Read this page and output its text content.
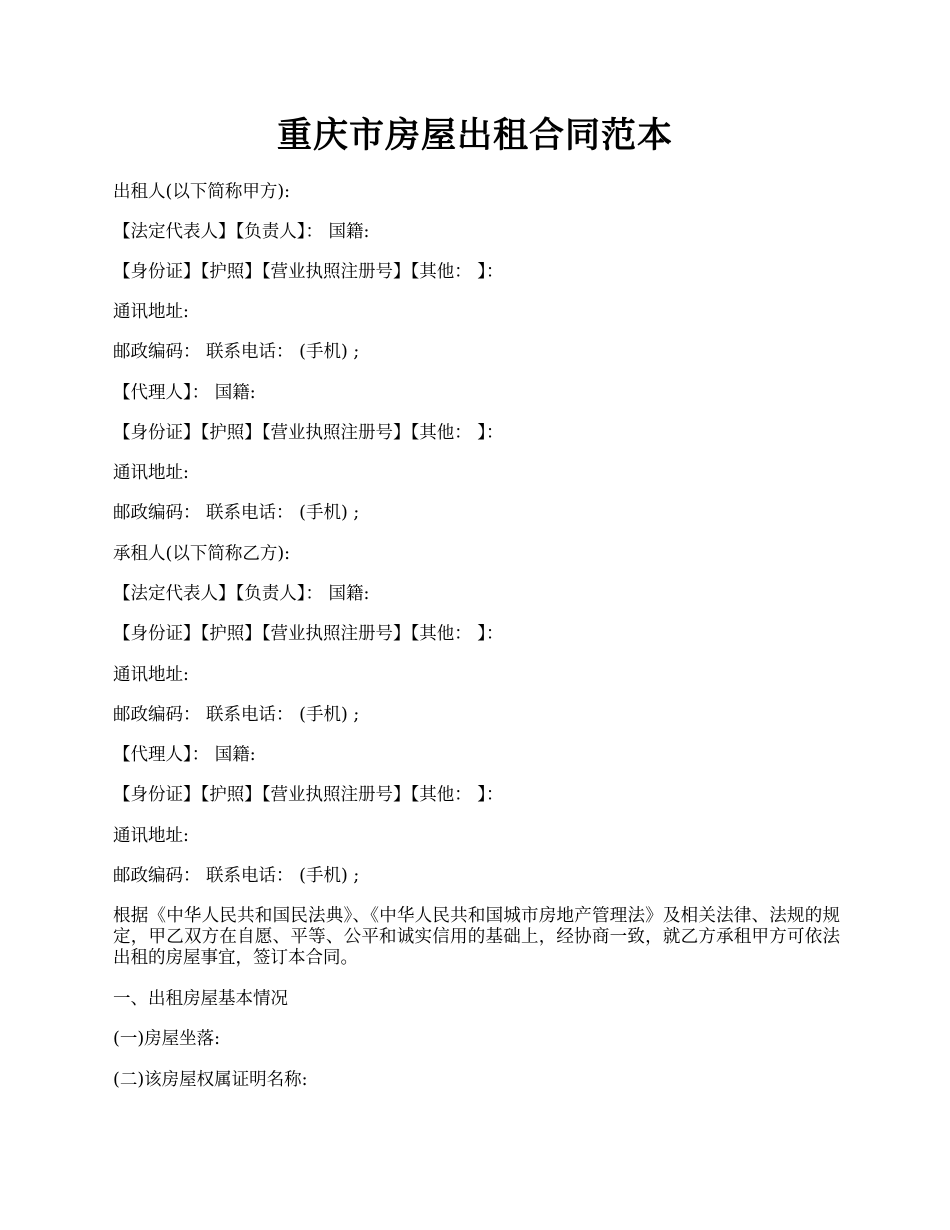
重庆市房屋出租合同范本
出租人(以下简称甲方):
【法定代表人】【负责人】： 国籍:
【身份证】【护照】【营业执照注册号】【其他： 】：
通讯地址:
邮政编码： 联系电话： (手机) ;
【代理人】： 国籍:
【身份证】【护照】【营业执照注册号】【其他： 】：
通讯地址:
邮政编码： 联系电话： (手机) ;
承租人(以下简称乙方):
【法定代表人】【负责人】： 国籍:
【身份证】【护照】【营业执照注册号】【其他： 】：
通讯地址:
邮政编码： 联系电话： (手机) ;
【代理人】： 国籍:
【身份证】【护照】【营业执照注册号】【其他： 】：
通讯地址:
邮政编码： 联系电话： (手机) ;
根据《中华人民共和国民法典》、《中华人民共和国城市房地产管理法》及相关法律、法规的规定，甲乙双方在自愿、平等、公平和诚实信用的基础上，经协商一致，就乙方承租甲方可依法出租的房屋事宜，签订本合同。
一、出租房屋基本情况
(一)房屋坐落:
(二)该房屋权属证明名称:
